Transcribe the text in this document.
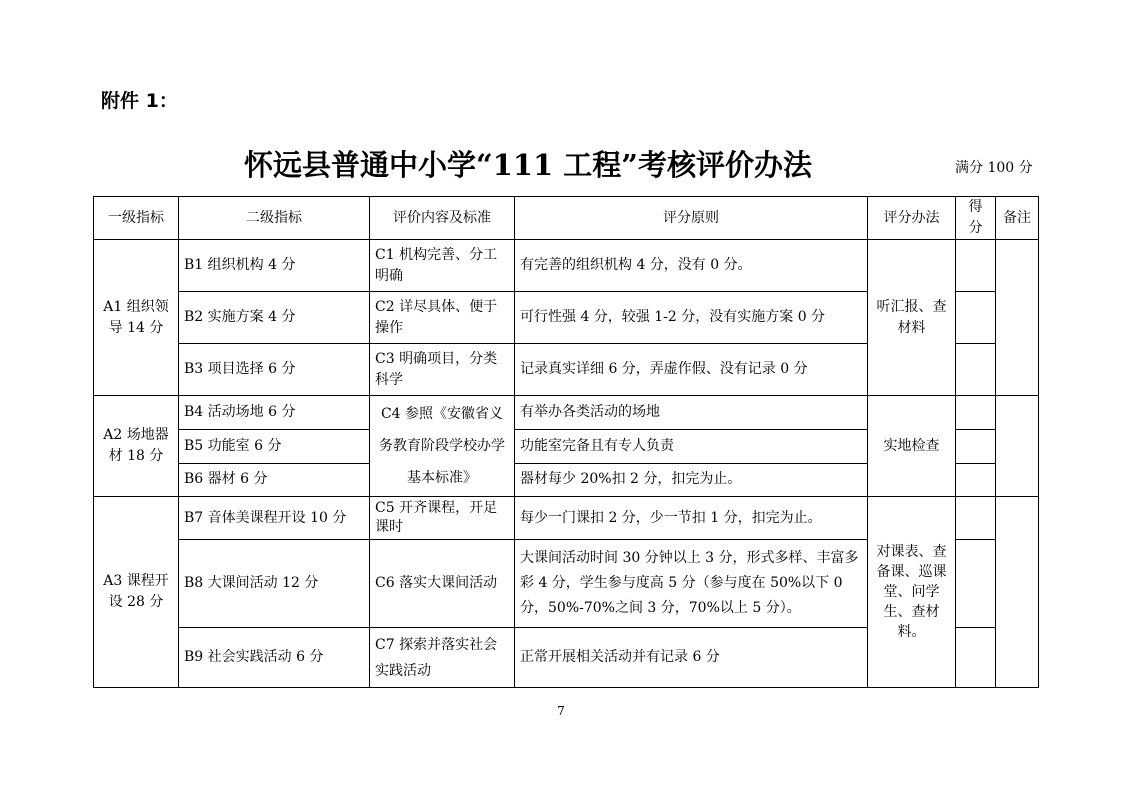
附件 1：
怀远县普通中小学“111 工程”考核评价办法	满分 100 分
一级指标	二级指标	评价内容及标准	评分原则	评分办法	得分	备注
A1 组织领导 14 分	B1 组织机构 4 分	C1 机构完善、分工明确	有完善的组织机构 4 分，没有 0 分。	听汇报、查材料		
	B2 实施方案 4 分	C2 详尽具体、便于操作	可行性强 4 分，较强 1-2 分，没有实施方案 0 分			
	B3 项目选择 6 分	C3 明确项目，分类科学	记录真实详细 6 分，弄虚作假、没有记录 0 分			
A2 场地器材 18 分	B4 活动场地 6 分	C4 参照《安徽省义务教育阶段学校办学基本标准》	有举办各类活动的场地	实地检查		
	B5 功能室 6 分		功能室完备且有专人负责			
	B6 器材 6 分		器材每少 20%扣 2 分，扣完为止。			
A3 课程开设 28 分	B7 音体美课程开设 10 分	C5 开齐课程，开足课时	每少一门课扣 2 分，少一节扣 1 分，扣完为止。	对课表、查备课、巡课堂、问学生、查材料。		
	B8 大课间活动 12 分	C6 落实大课间活动	大课间活动时间 30 分钟以上 3 分，形式多样、丰富多彩 4 分，学生参与度高 5 分（参与度在 50%以下 0 分，50%-70%之间 3 分，70%以上 5 分）。			
	B9 社会实践活动 6 分	C7 探索并落实社会实践活动	正常开展相关活动并有记录 6 分			
7
